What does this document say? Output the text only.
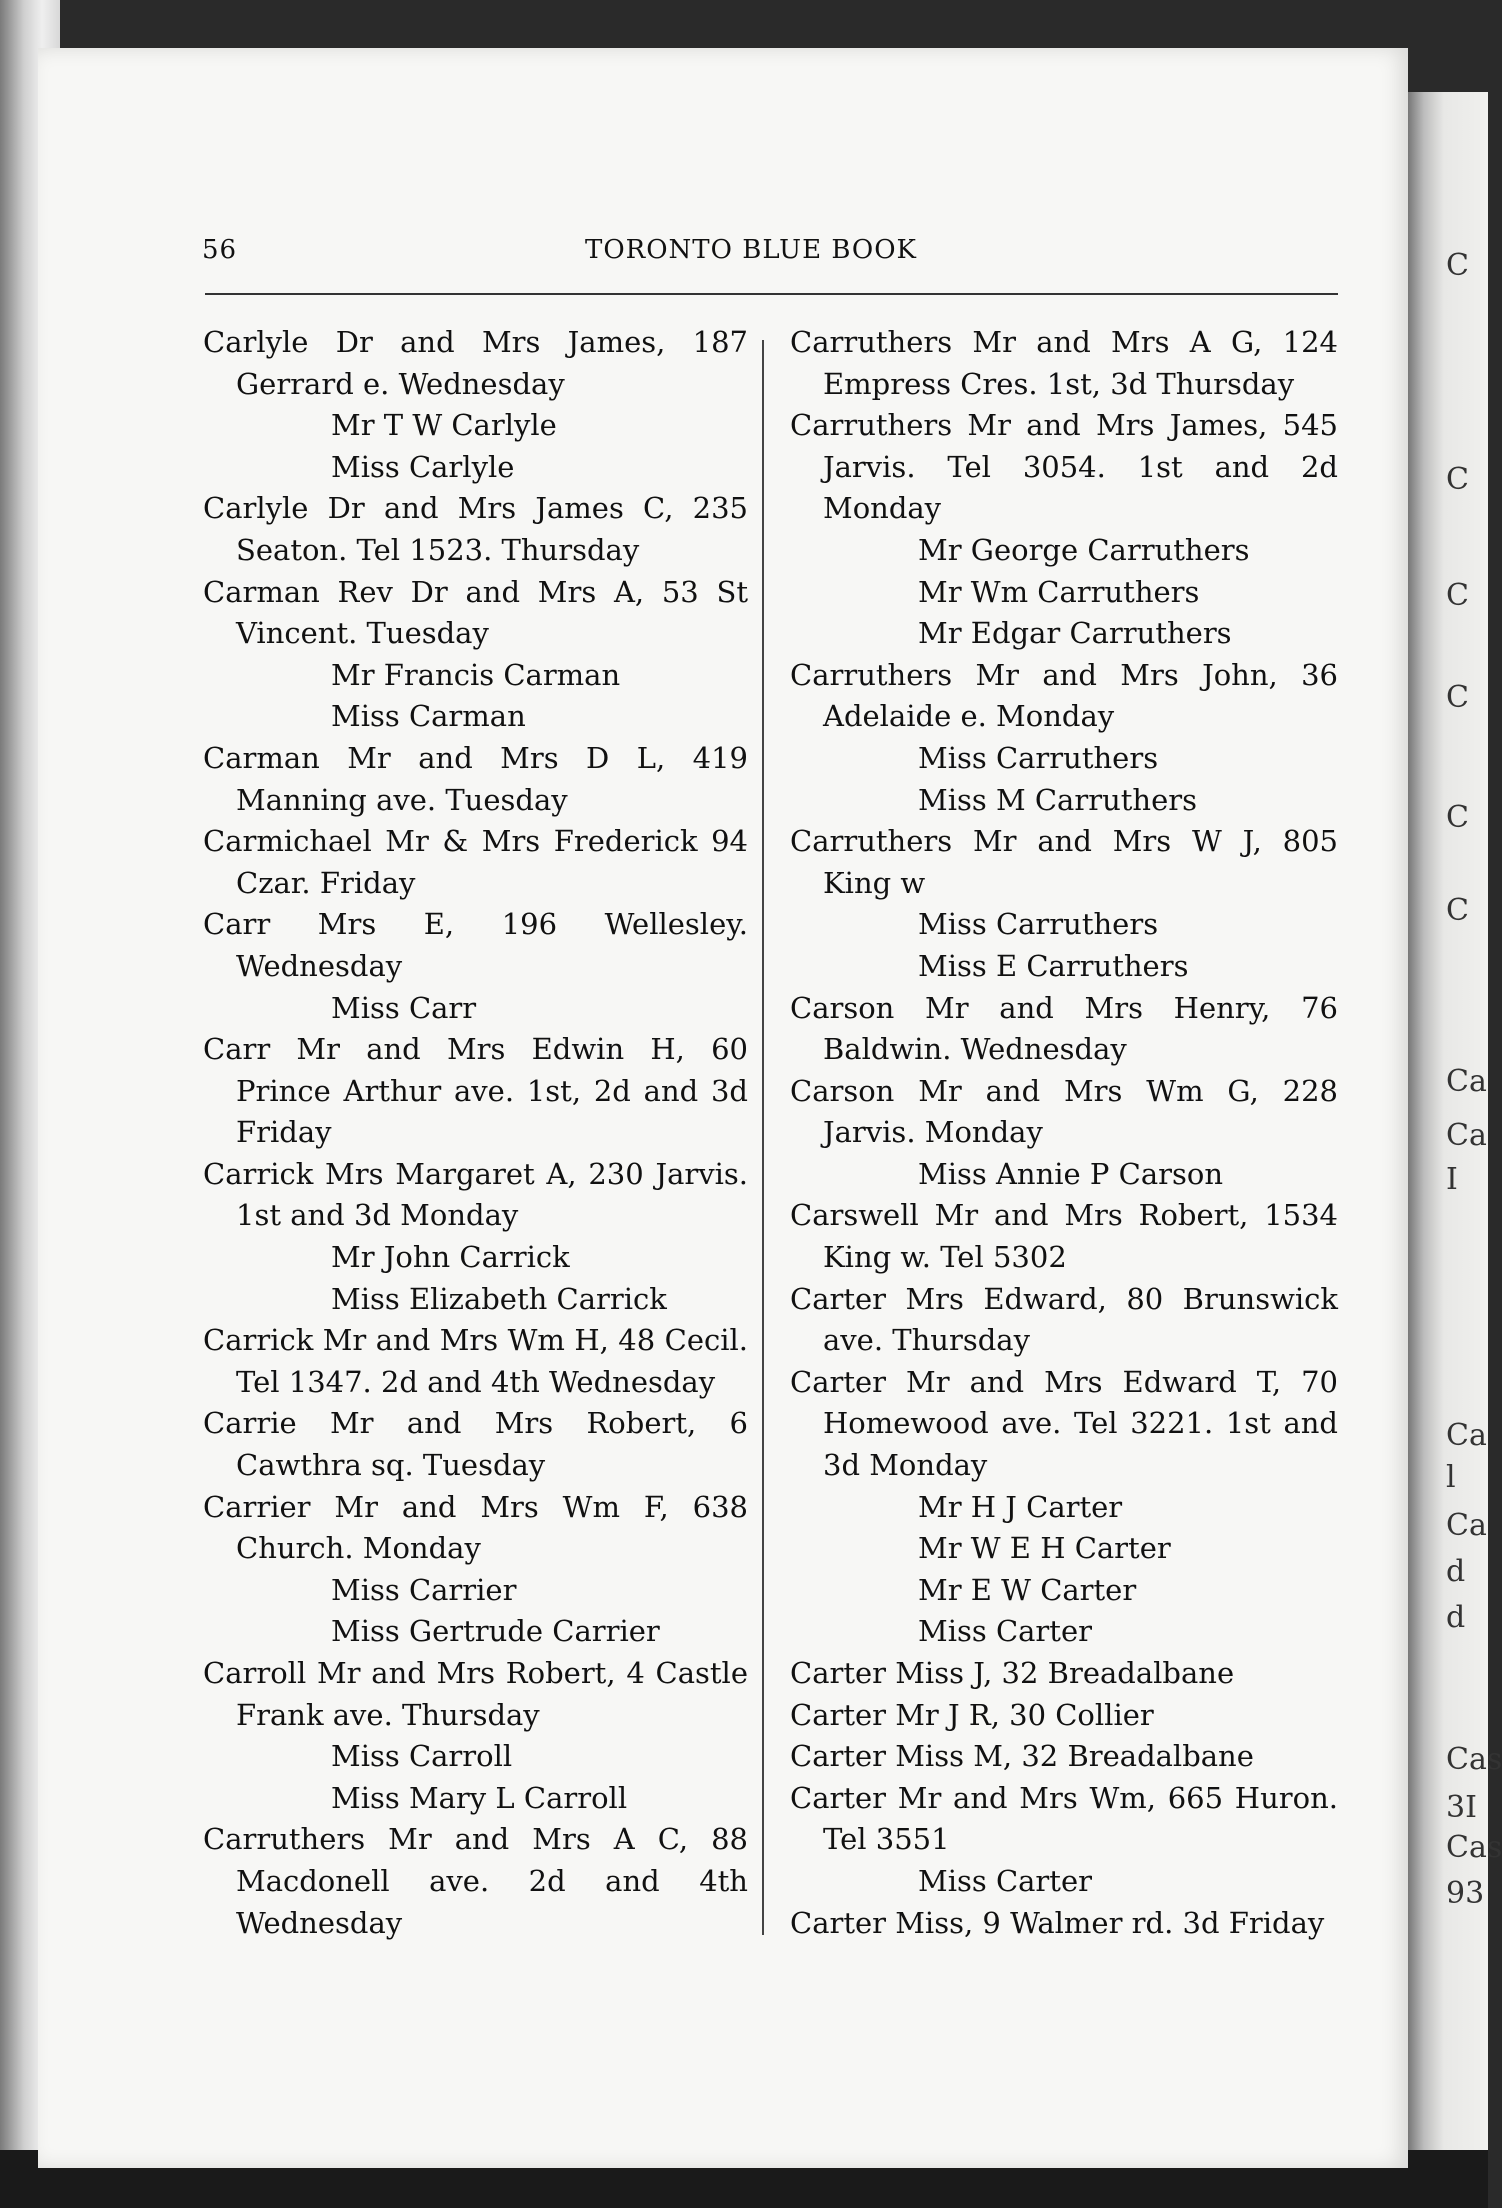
C
C
C
C
C
C
Ca
Ca
I
Ca
l
Ca
d
d
Cas
3I
Cas
93
56	TORONTO BLUE BOOK
Carlyle Dr and Mrs James, 187 Gerrard e. Wednesday
Mr T W Carlyle
Miss Carlyle
Carlyle Dr and Mrs James C, 235 Seaton. Tel 1523. Thursday
Carman Rev Dr and Mrs A, 53 St Vincent. Tuesday
Mr Francis Carman
Miss Carman
Carman Mr and Mrs D L, 419 Manning ave. Tuesday
Carmichael Mr & Mrs Frederick 94 Czar. Friday
Carr Mrs E, 196 Wellesley. Wednesday
Miss Carr
Carr Mr and Mrs Edwin H, 60 Prince Arthur ave. 1st, 2d and 3d Friday
Carrick Mrs Margaret A, 230 Jarvis. 1st and 3d Monday
Mr John Carrick
Miss Elizabeth Carrick
Carrick Mr and Mrs Wm H, 48 Cecil. Tel 1347. 2d and 4th Wednesday
Carrie Mr and Mrs Robert, 6 Cawthra sq. Tuesday
Carrier Mr and Mrs Wm F, 638 Church. Monday
Miss Carrier
Miss Gertrude Carrier
Carroll Mr and Mrs Robert, 4 Castle Frank ave. Thursday
Miss Carroll
Miss Mary L Carroll
Carruthers Mr and Mrs A C, 88 Macdonell ave. 2d and 4th Wednesday
Carruthers Mr and Mrs A G, 124 Empress Cres. 1st, 3d Thursday
Carruthers Mr and Mrs James, 545 Jarvis. Tel 3054. 1st and 2d Monday
Mr George Carruthers
Mr Wm Carruthers
Mr Edgar Carruthers
Carruthers Mr and Mrs John, 36 Adelaide e. Monday
Miss Carruthers
Miss M Carruthers
Carruthers Mr and Mrs W J, 805 King w
Miss Carruthers
Miss E Carruthers
Carson Mr and Mrs Henry, 76 Baldwin. Wednesday
Carson Mr and Mrs Wm G, 228 Jarvis. Monday
Miss Annie P Carson
Carswell Mr and Mrs Robert, 1534 King w. Tel 5302
Carter Mrs Edward, 80 Brunswick ave. Thursday
Carter Mr and Mrs Edward T, 70 Homewood ave. Tel 3221. 1st and 3d Monday
Mr H J Carter
Mr W E H Carter
Mr E W Carter
Miss Carter
Carter Miss J, 32 Breadalbane
Carter Mr J R, 30 Collier
Carter Miss M, 32 Breadalbane
Carter Mr and Mrs Wm, 665 Huron. Tel 3551
Miss Carter
Carter Miss, 9 Walmer rd. 3d Friday
